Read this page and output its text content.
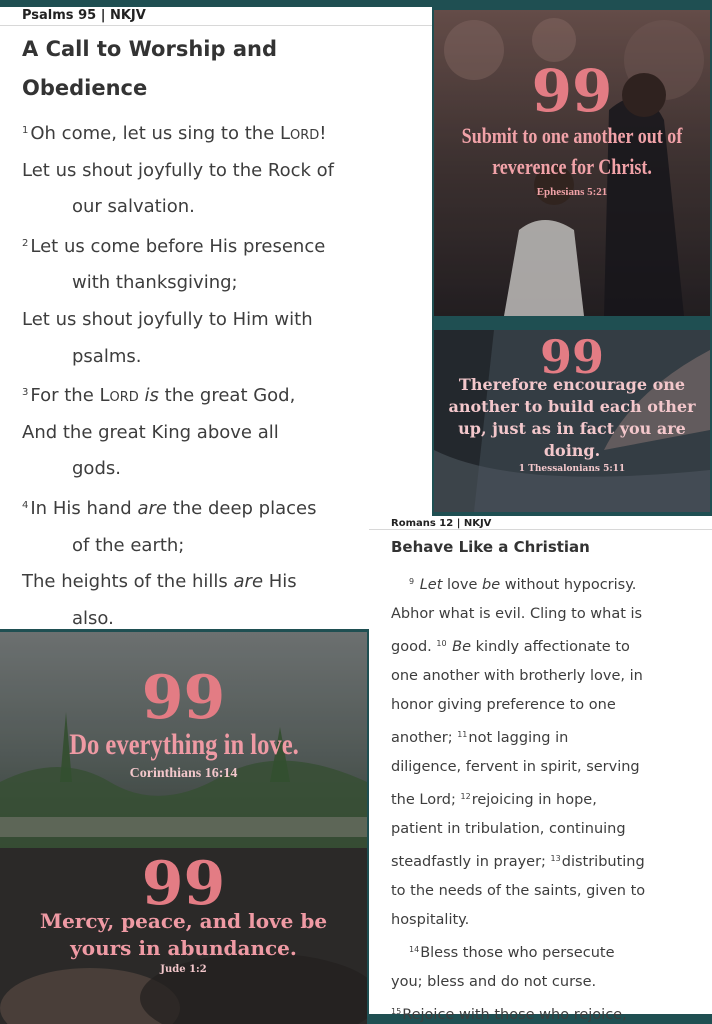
Psalms 95 | NKJV
A Call to Worship and
Obedience
$^1$ Oh come, let us sing to the Lord!
Let us shout joyfully to the Rock of
our salvation.
$^2$ Let us come before His presence
with thanksgiving;
Let us shout joyfully to Him with
psalms.
$^3$ For the Lord is the great God,
And the great King above all
gods.
$^4$ In His hand are the deep places
of the earth;
The heights of the hills are His
also.
99
Submit to one another out of reverence for Christ.
Ephesians 5:21
99
Therefore encourage one another to build each other up, just as in fact you are doing.
1 Thessalonians 5:11
99
Do everything in love.
Corinthians 16:14
99
Mercy, peace, and love be yours in abundance.
Jude 1:2
Romans 12 | NKJV
Behave Like a Christian
$^9$ Let love be without hypocrisy.
Abhor what is evil. Cling to what is
good. $^{10}$ Be kindly affectionate to
one another with brotherly love, in
honor giving preference to one
another; $^{11}$not lagging in
diligence, fervent in spirit, serving
the Lord; $^{12}$rejoicing in hope,
patient in tribulation, continuing
steadfastly in prayer; $^{13}$distributing
to the needs of the saints, given to
hospitality.
$^{14}$Bless those who persecute
you; bless and do not curse.
$^{15}$Rejoice with those who rejoice,
